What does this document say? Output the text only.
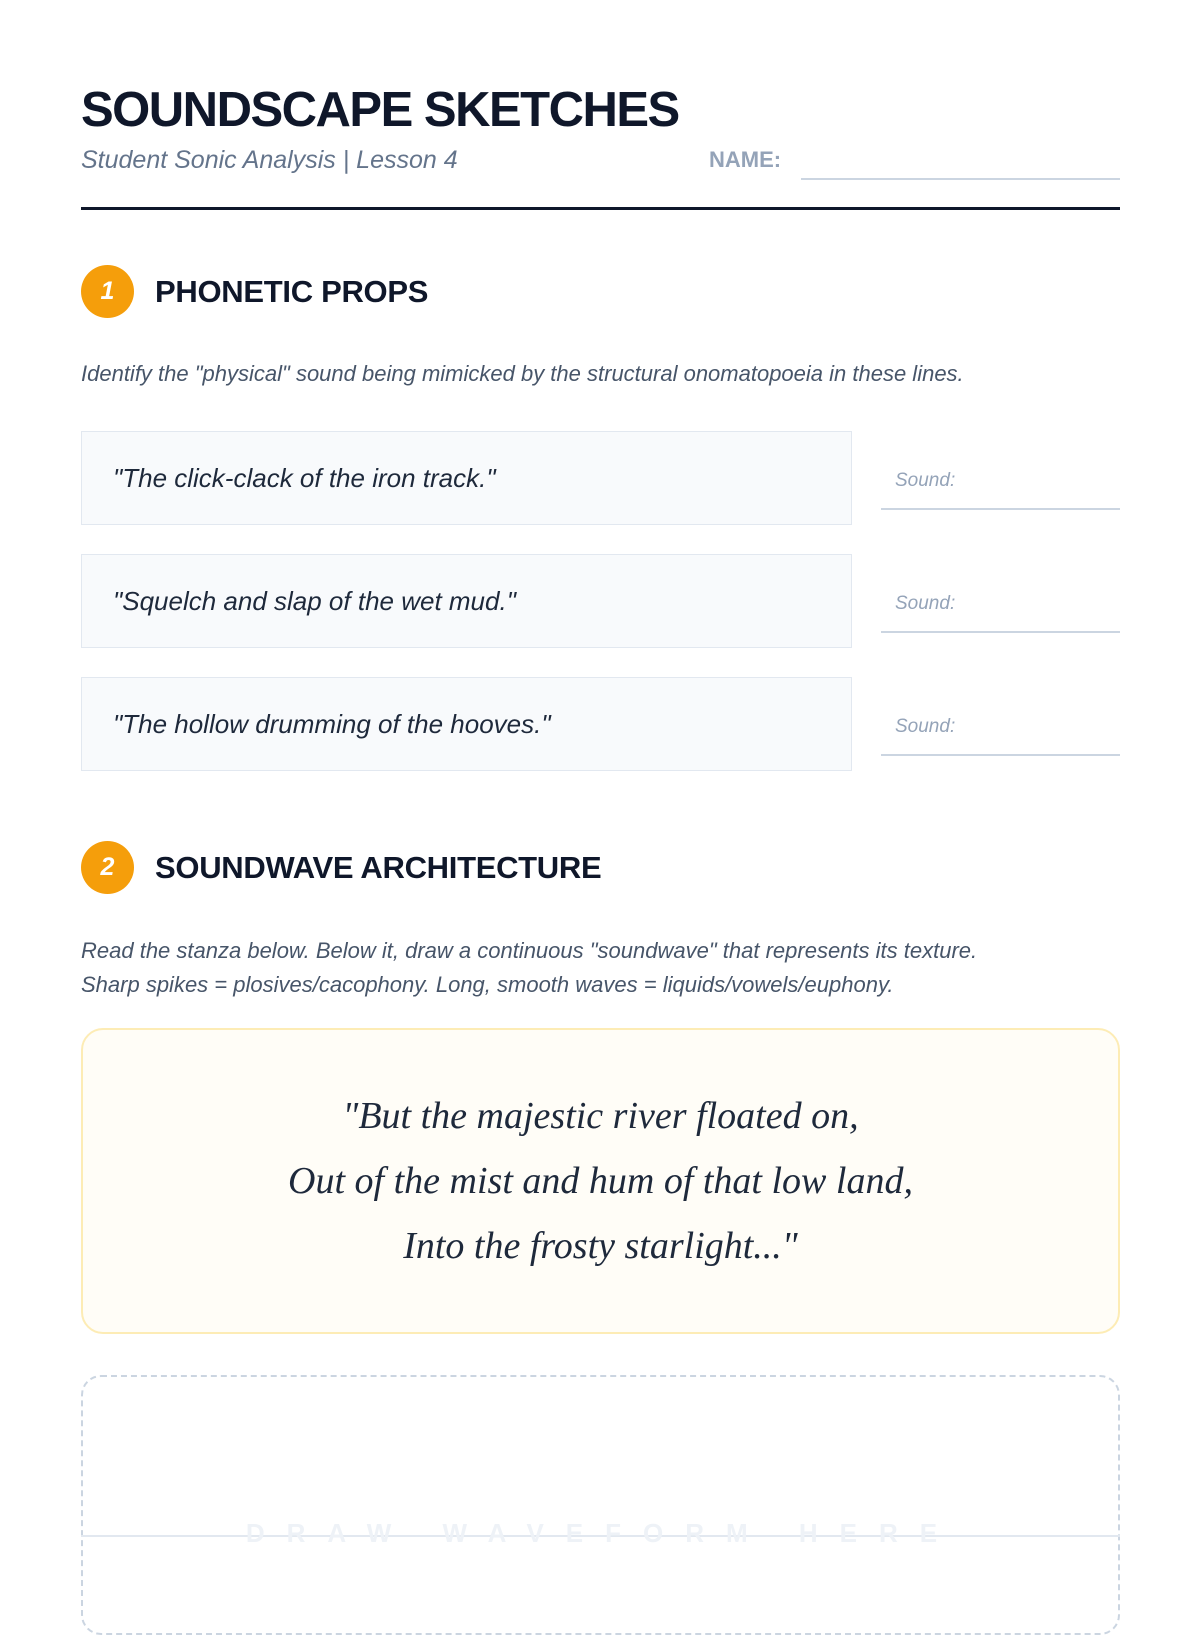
SOUNDSCAPE SKETCHES
Student Sonic Analysis | Lesson 4	NAME:
1	PHONETIC PROPS
Identify the "physical" sound being mimicked by the structural onomatopoeia in these lines.
"The click-clack of the iron track."	Sound:
"Squelch and slap of the wet mud."	Sound:
"The hollow drumming of the hooves."	Sound:
2	SOUNDWAVE ARCHITECTURE
Read the stanza below. Below it, draw a continuous "soundwave" that represents its texture.
Sharp spikes = plosives/cacophony. Long, smooth waves = liquids/vowels/euphony.
"But the majestic river floated on,
Out of the mist and hum of that low land,
Into the frosty starlight..."
DRAW WAVEFORM HERE
